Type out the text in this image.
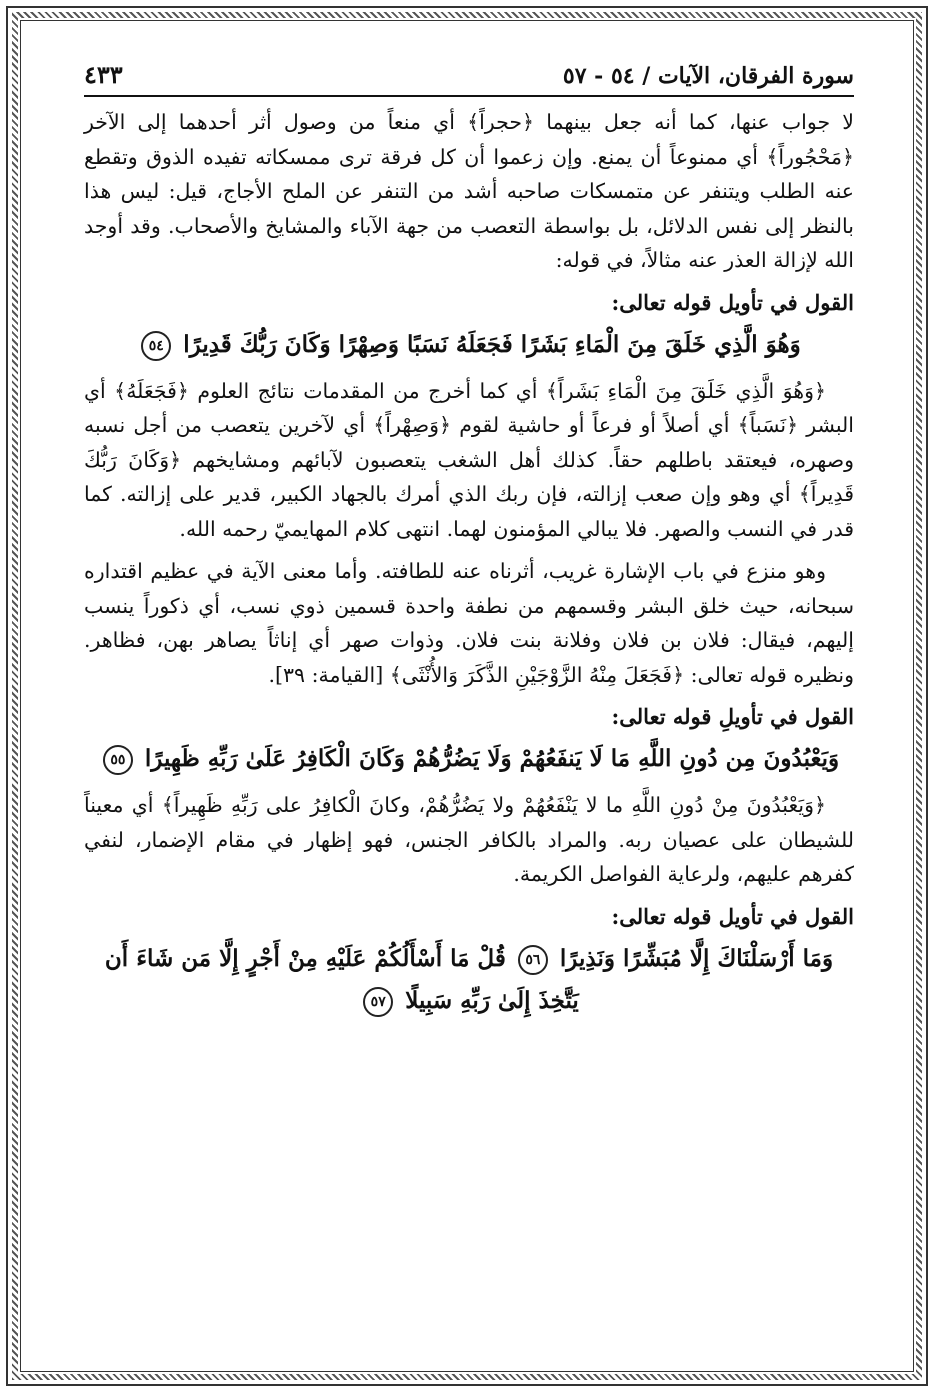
سورة الفرقان، الآيات / ٥٤ - ٥٧
٤٣٣

لا جواب عنها، كما أنه جعل بينهما ﴿حجراً﴾ أي منعاً من وصول أثر أحدهما إلى الآخر ﴿مَحْجُوراً﴾ أي ممنوعاً أن يمنع. وإن زعموا أن كل فرقة ترى ممسكاته تفيده الذوق وتقطع عنه الطلب ويتنفر عن متمسكات صاحبه أشد من التنفر عن الملح الأجاج، قيل: ليس هذا بالنظر إلى نفس الدلائل، بل بواسطة التعصب من جهة الآباء والمشايخ والأصحاب. وقد أوجد الله لإزالة العذر عنه مثالاً، في قوله:

القول في تأويل قوله تعالى:
وَهُوَ الَّذِي خَلَقَ مِنَ الْمَاءِ بَشَرًا فَجَعَلَهُ نَسَبًا وَصِهْرًا وَكَانَ رَبُّكَ قَدِيرًا ٥٤

﴿وَهُوَ الَّذِي خَلَقَ مِنَ الْمَاءِ بَشَراً﴾ أي كما أخرج من المقدمات نتائج العلوم ﴿فَجَعَلَهُ﴾ أي البشر ﴿نَسَباً﴾ أي أصلاً أو فرعاً أو حاشية لقوم ﴿وَصِهْراً﴾ أي لآخرين يتعصب من أجل نسبه وصهره، فيعتقد باطلهم حقاً. كذلك أهل الشغب يتعصبون لآبائهم ومشايخهم ﴿وَكَانَ رَبُّكَ قَدِيراً﴾ أي وهو وإن صعب إزالته، فإن ربك الذي أمرك بالجهاد الكبير، قدير على إزالته. كما قدر في النسب والصهر. فلا يبالي المؤمنون لهما. انتهى كلام المهايميّ رحمه الله.

وهو منزع في باب الإشارة غريب، أثرناه عنه للطافته. وأما معنى الآية في عظيم اقتداره سبحانه، حيث خلق البشر وقسمهم من نطفة واحدة قسمين ذوي نسب، أي ذكوراً ينسب إليهم، فيقال: فلان بن فلان وفلانة بنت فلان. وذوات صهر أي إناثاً يصاهر بهن، فظاهر. ونظيره قوله تعالى: ﴿فَجَعَلَ مِنْهُ الزَّوْجَيْنِ الذَّكَرَ وَالأُنْثَى﴾ [القيامة: ٣٩].

القول في تأويلِ قوله تعالى:
وَيَعْبُدُونَ مِن دُونِ اللَّهِ مَا لَا يَنفَعُهُمْ وَلَا يَضُرُّهُمْ وَكَانَ الْكَافِرُ عَلَىٰ رَبِّهِ ظَهِيرًا ٥٥

﴿وَيَعْبُدُونَ مِنْ دُونِ اللَّهِ ما لا يَنْفَعُهُمْ ولا يَضُرُّهُمْ، وكانَ الْكافِرُ على رَبِّهِ ظَهِيراً﴾ أي معيناً للشيطان على عصيان ربه. والمراد بالكافر الجنس، فهو إظهار في مقام الإضمار، لنفي كفرهم عليهم، ولرعاية الفواصل الكريمة.

القول في تأويل قوله تعالى:
وَمَا أَرْسَلْنَاكَ إِلَّا مُبَشِّرًا وَنَذِيرًا ٥٦ قُلْ مَا أَسْأَلُكُمْ عَلَيْهِ مِنْ أَجْرٍ إِلَّا مَن شَاءَ أَن يَتَّخِذَ إِلَىٰ رَبِّهِ سَبِيلًا ٥٧
